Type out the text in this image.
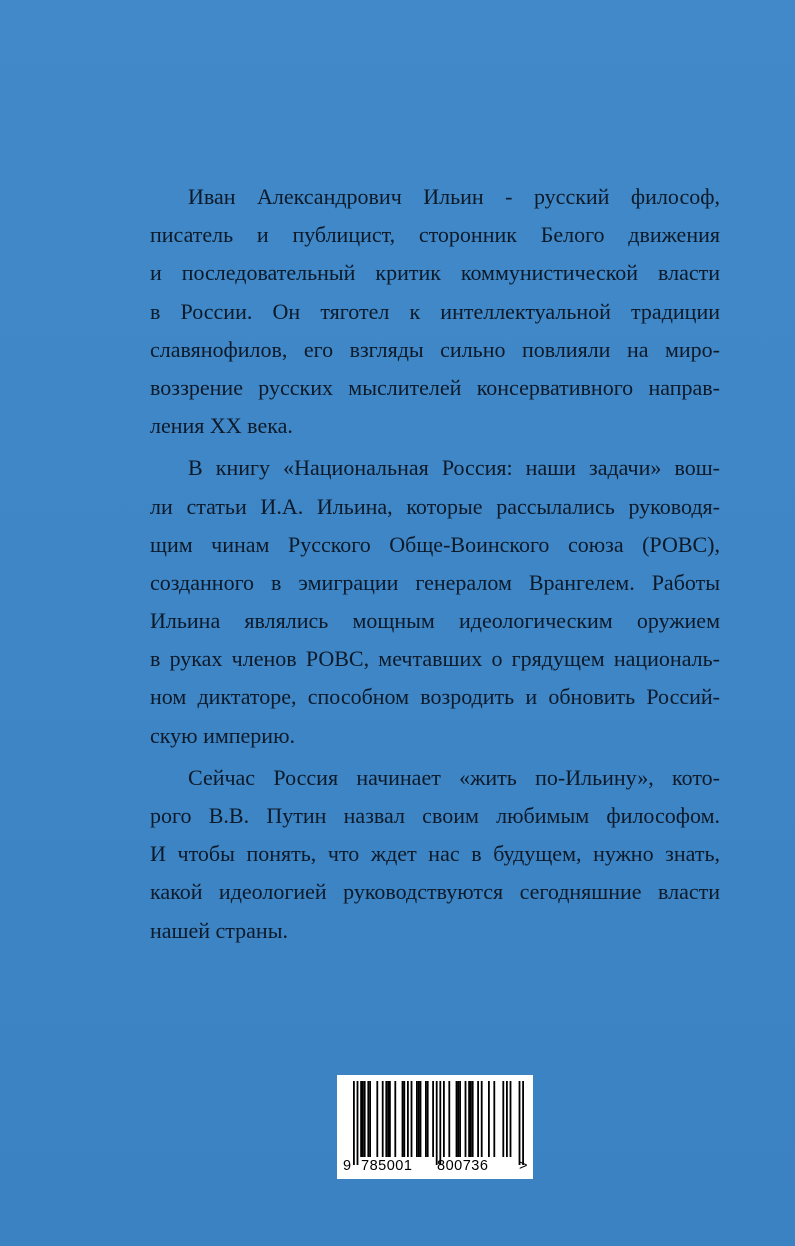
Иван Александрович Ильин - русский философ,
писатель и публицист, сторонник Белого движения
и последовательный критик коммунистической власти
в России. Он тяготел к интеллектуальной традиции
славянофилов, его взгляды сильно повлияли на миро-
воззрение русских мыслителей консервативного направ-
ления XX века.
В книгу «Национальная Россия: наши задачи» вош-
ли статьи И.А. Ильина, которые рассылались руководя-
щим чинам Русского Обще-Воинского союза (РОВС),
созданного в эмиграции генералом Врангелем. Работы
Ильина являлись мощным идеологическим оружием
в руках членов РОВС, мечтавших о грядущем националь-
ном диктаторе, способном возродить и обновить Россий-
скую империю.
Сейчас Россия начинает «жить по-Ильину», кото-
рого В.В. Путин назвал своим любимым философом.
И чтобы понять, что ждет нас в будущем, нужно знать,
какой идеологией руководствуются сегодняшние власти
нашей страны.
9 785001 800736 >
